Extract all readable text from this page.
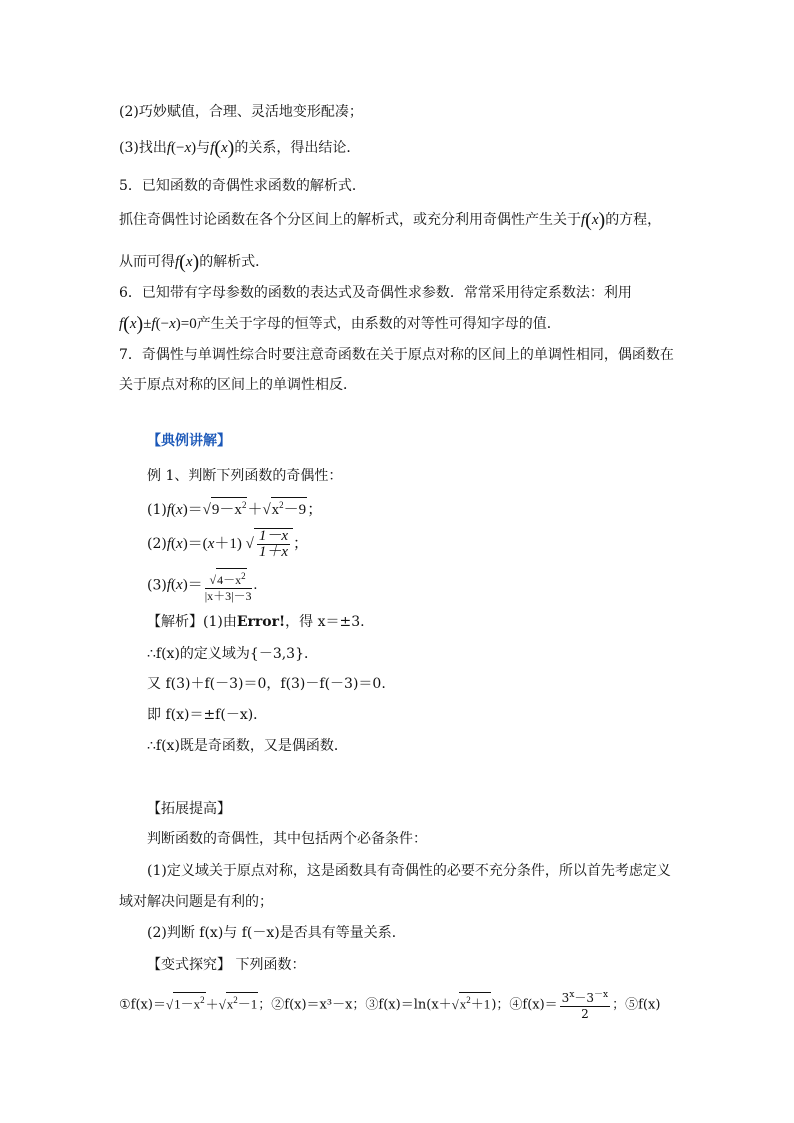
(2)巧妙赋值，合理、灵活地变形配凑；
(3)找出f(−x)与f(x)的关系，得出结论．
5．已知函数的奇偶性求函数的解析式．
抓住奇偶性讨论函数在各个分区间上的解析式，或充分利用奇偶性产生关于f(x)的方程，
从而可得f(x)的解析式．
6．已知带有字母参数的函数的表达式及奇偶性求参数．常常采用待定系数法：利用
f(x)±f(−x)=0产生关于字母的恒等式，由系数的对等性可得知字母的值．
7．奇偶性与单调性综合时要注意奇函数在关于原点对称的区间上的单调性相同，偶函数在
关于原点对称的区间上的单调性相反．
【典例讲解】
例 1、判断下列函数的奇偶性：
$(1)f(x)=√9-x^2+√x^2-9$；
(2)f(x)＝(x＋1) √ $\frac{1-x}{1+x}$ ；
$(3)f(x)= \frac{√4-x^2}{|x+3|-3}$ .
【解析】(1)由Error!，得 x＝±3.
∴f(x)的定义域为{－3,3}．
又 f(3)＋f(－3)＝0，f(3)－f(－3)＝0.
即 f(x)＝±f(－x)．
∴f(x)既是奇函数，又是偶函数．
【拓展提高】
判断函数的奇偶性，其中包括两个必备条件：
(1)定义域关于原点对称，这是函数具有奇偶性的必要不充分条件，所以首先考虑定义
域对解决问题是有利的；
(2)判断 f(x)与 f(－x)是否具有等量关系．
【变式探究】 下列函数：
$①f(x)=√1-x^2+√x^2-1$；②f(x)＝x³－x；$③f(x)=\ln(x+√x^2+1)$；④f(x)＝ $\frac{3^x-3^{-x}}{2}$ ；⑤f(x)
